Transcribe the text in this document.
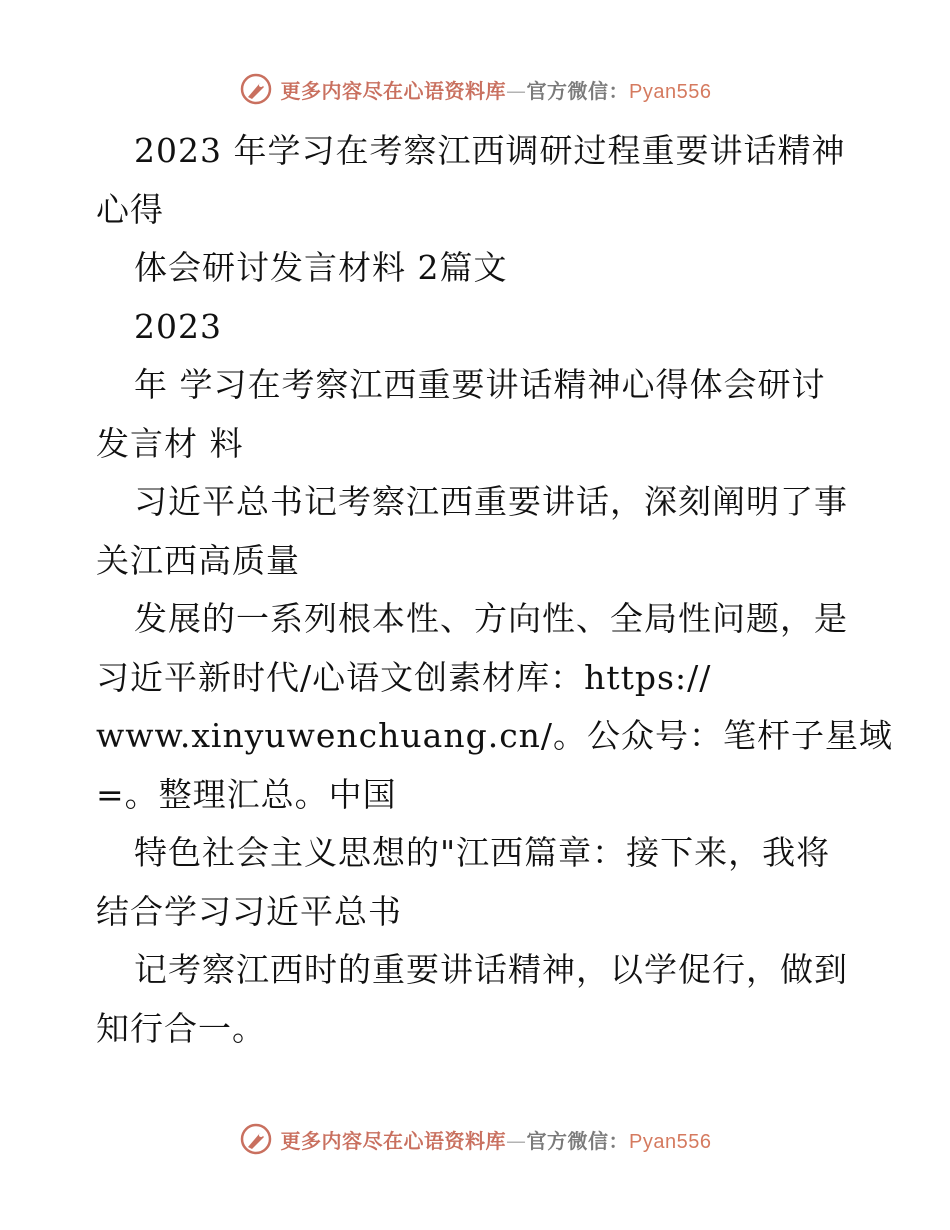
更多内容尽在心语资料库—官方微信：Pyan556
2023 年学习在考察江西调研过程重要讲话精神
心得
体会研讨发言材料 2篇文
2023
年 学习在考察江西重要讲话精神心得体会研讨
发言材 料
习近平总书记考察江西重要讲话，深刻阐明了事
关江西高质量
发展的一系列根本性、方向性、全局性问题，是
习近平新时代/心语文创素材库：https://
www.xinyuwenchuang.cn/。公众号：笔杆子星域
=。整理汇总。中国
特色社会主义思想的"江西篇章：接下来，我将
结合学习习近平总书
记考察江西时的重要讲话精神，以学促行，做到
知行合一。
更多内容尽在心语资料库—官方微信：Pyan556
